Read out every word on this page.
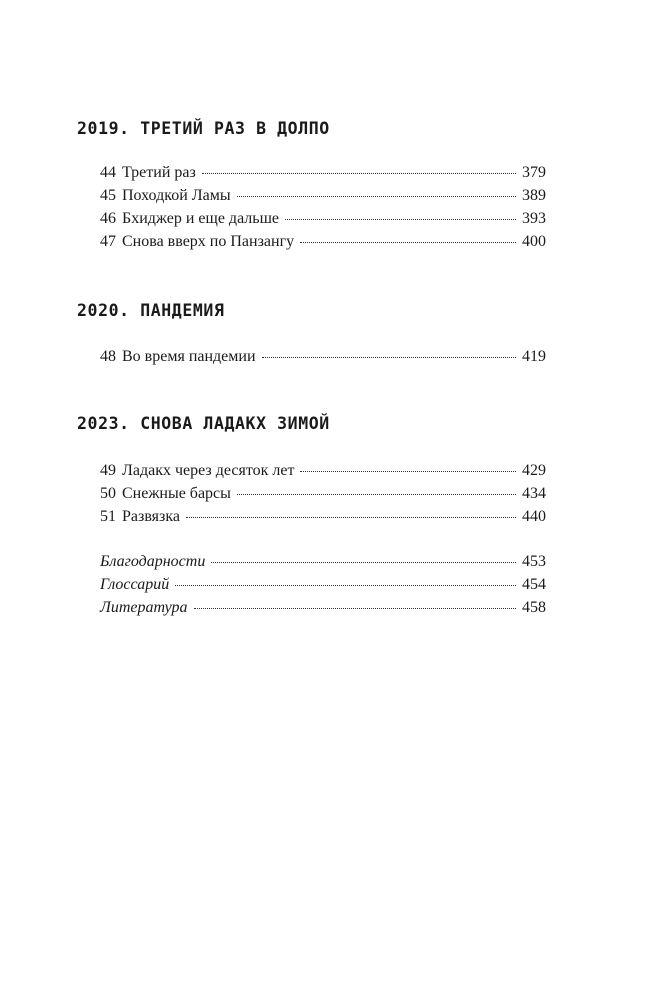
2019. ТРЕТИЙ РАЗ В ДОЛПО
44 Третий раз	379
45 Походкой Ламы	389
46 Бхиджер и еще дальше	393
47 Снова вверх по Панзангу	400
2020. ПАНДЕМИЯ
48 Во время пандемии	419
2023. СНОВА ЛАДАКХ ЗИМОЙ
49 Ладакх через десяток лет	429
50 Снежные барсы	434
51 Развязка	440
Благодарности	453
Глоссарий	454
Литература	458
